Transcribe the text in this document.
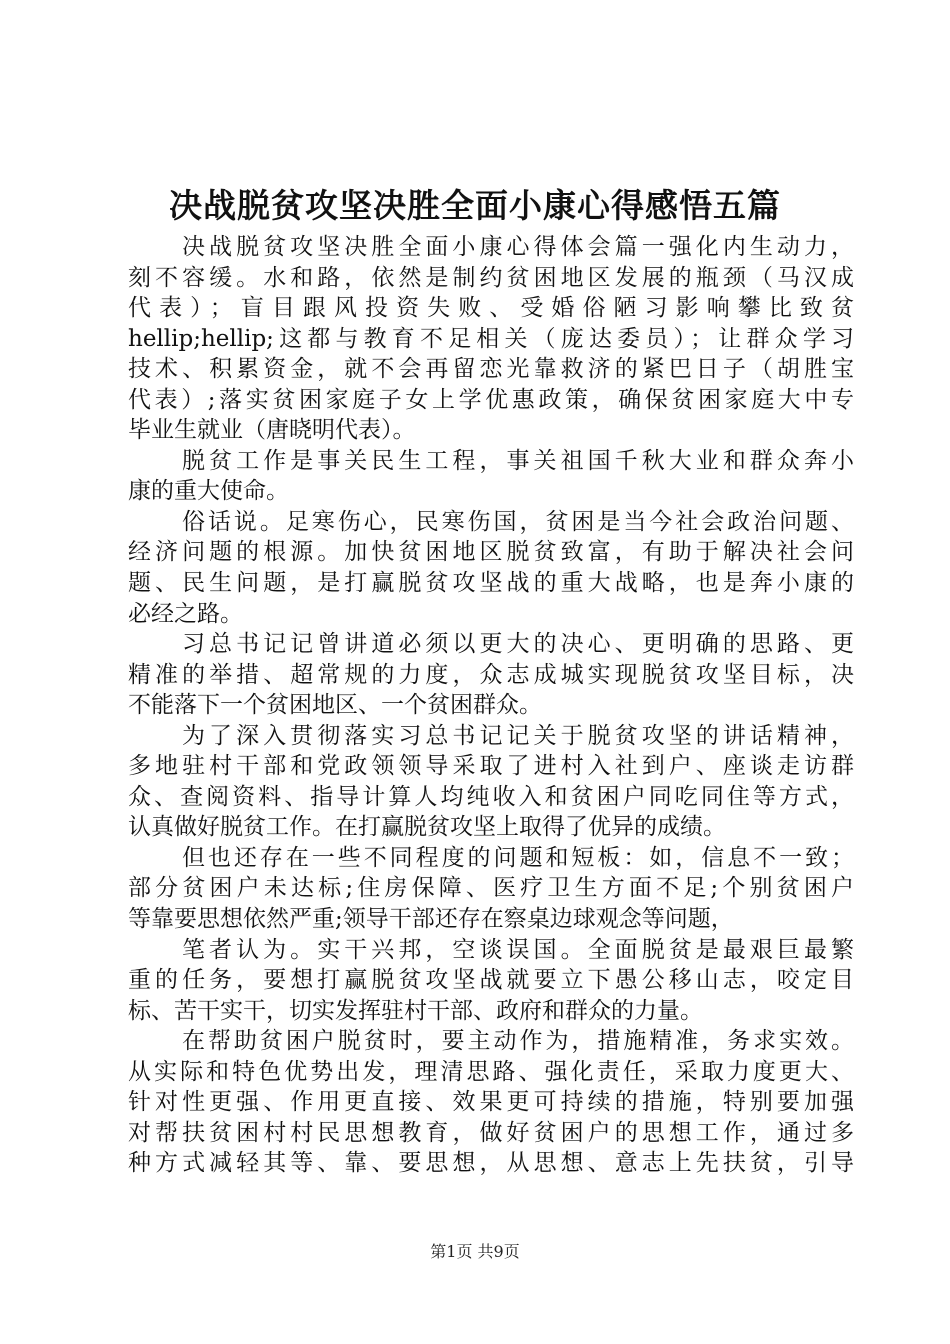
决战脱贫攻坚决胜全面小康心得感悟五篇
决战脱贫攻坚决胜全面小康心得体会篇一强化内生动力，
刻不容缓。水和路，依然是制约贫困地区发展的瓶颈（马汉成
代表）；盲目跟风投资失败、受婚俗陋习影响攀比致贫
hellip;hellip;这都与教育不足相关（庞达委员）；让群众学习
技术、积累资金，就不会再留恋光靠救济的紧巴日子（胡胜宝
代表）;落实贫困家庭子女上学优惠政策，确保贫困家庭大中专
毕业生就业（唐晓明代表）。
脱贫工作是事关民生工程，事关祖国千秋大业和群众奔小
康的重大使命。
俗话说。足寒伤心，民寒伤国，贫困是当今社会政治问题、
经济问题的根源。加快贫困地区脱贫致富，有助于解决社会问
题、民生问题，是打赢脱贫攻坚战的重大战略，也是奔小康的
必经之路。
习总书记记曾讲道必须以更大的决心、更明确的思路、更
精准的举措、超常规的力度，众志成城实现脱贫攻坚目标，决
不能落下一个贫困地区、一个贫困群众。
为了深入贯彻落实习总书记记关于脱贫攻坚的讲话精神，
多地驻村干部和党政领领导采取了进村入社到户、座谈走访群
众、查阅资料、指导计算人均纯收入和贫困户同吃同住等方式，
认真做好脱贫工作。在打赢脱贫攻坚上取得了优异的成绩。
但也还存在一些不同程度的问题和短板：如，信息不一致；
部分贫困户未达标;住房保障、医疗卫生方面不足;个别贫困户
等靠要思想依然严重;领导干部还存在察桌边球观念等问题，
笔者认为。实干兴邦，空谈误国。全面脱贫是最艰巨最繁
重的任务，要想打赢脱贫攻坚战就要立下愚公移山志，咬定目
标、苦干实干，切实发挥驻村干部、政府和群众的力量。
在帮助贫困户脱贫时，要主动作为，措施精准，务求实效。
从实际和特色优势出发，理清思路、强化责任，采取力度更大、
针对性更强、作用更直接、效果更可持续的措施，特别要加强
对帮扶贫困村村民思想教育，做好贫困户的思想工作，通过多
种方式减轻其等、靠、要思想，从思想、意志上先扶贫，引导
第1页 共9页
